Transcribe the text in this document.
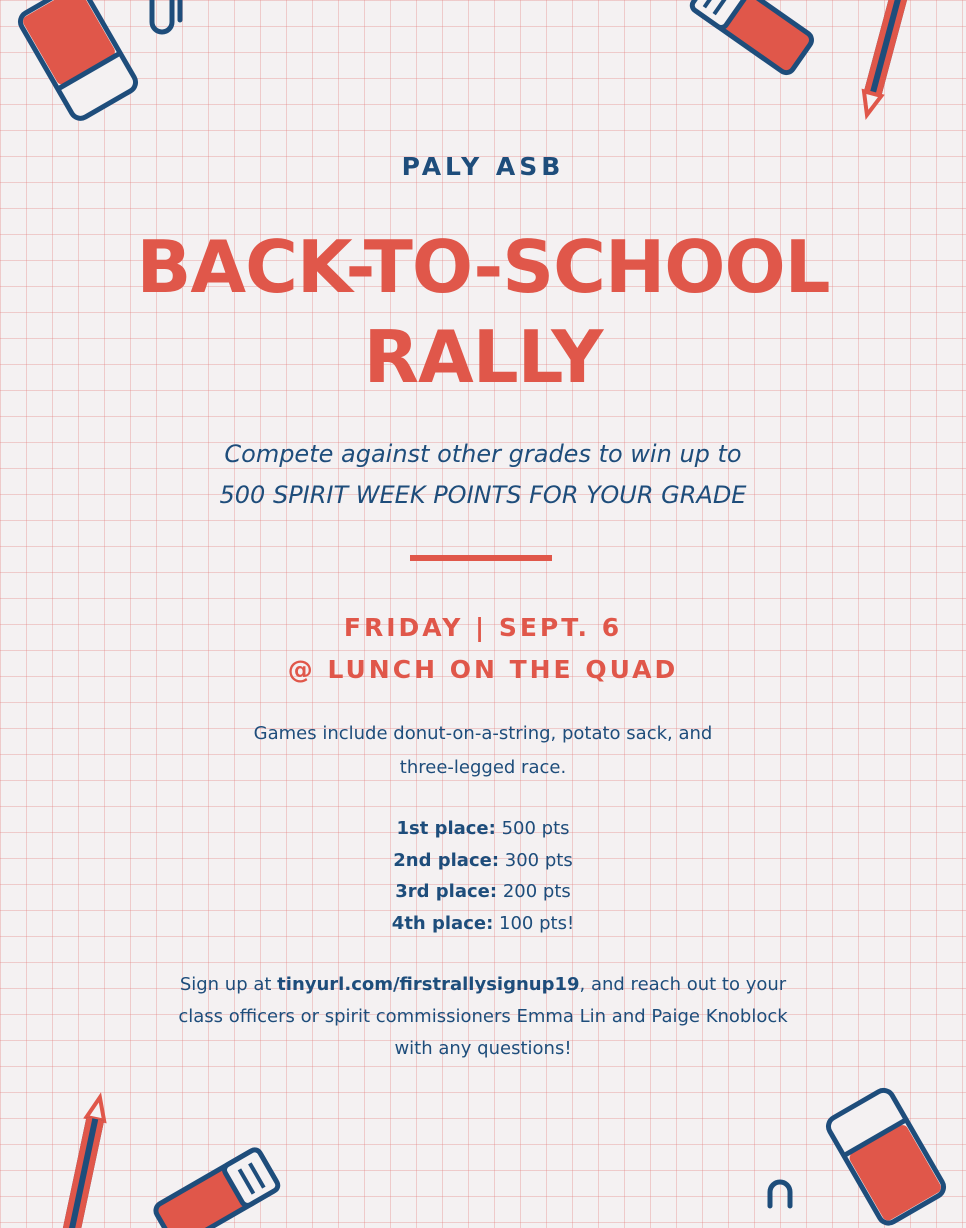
PALY ASB
BACK-TO-SCHOOL
RALLY
Compete against other grades to win up to
500 SPIRIT WEEK POINTS FOR YOUR GRADE
FRIDAY | SEPT. 6
@ LUNCH ON THE QUAD
Games include donut-on-a-string, potato sack, and
three-legged race.
1st place: 500 pts
2nd place: 300 pts
3rd place: 200 pts
4th place: 100 pts!
Sign up at tinyurl.com/firstrallysignup19, and reach out to your
class officers or spirit commissioners Emma Lin and Paige Knoblock
with any questions!
